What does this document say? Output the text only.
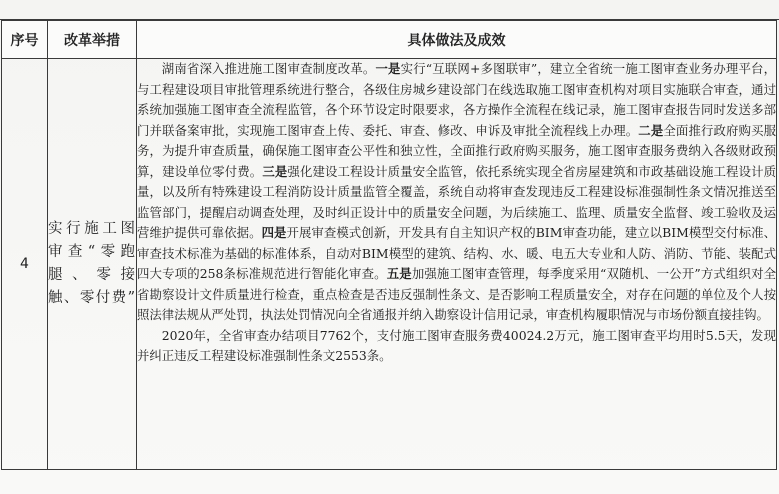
序号	改革举措	具体做法及成效
4	实行施工图审查“零跑腿、零接触、零付费”	湖南省深入推进施工图审查制度改革。一是实行“互联网+多图联审”，建立全省统一施工图审查业务办理平台，与工程建设项目审批管理系统进行整合，各级住房城乡建设部门在线选取施工图审查机构对项目实施联合审查，通过系统加强施工图审查全流程监管，各个环节设定时限要求，各方操作全流程在线记录，施工图审查报告同时发送多部门并联备案审批，实现施工图审查上传、委托、审查、修改、申诉及审批全流程线上办理。二是全面推行政府购买服务，为提升审查质量，确保施工图审查公平性和独立性，全面推行政府购买服务，施工图审查服务费纳入各级财政预算，建设单位零付费。三是强化建设工程设计质量安全监管，依托系统实现全省房屋建筑和市政基础设施工程设计质量，以及所有特殊建设工程消防设计质量监管全覆盖，系统自动将审查发现违反工程建设标准强制性条文情况推送至监管部门，提醒启动调查处理，及时纠正设计中的质量安全问题，为后续施工、监理、质量安全监督、竣工验收及运营维护提供可靠依据。四是开展审查模式创新，开发具有自主知识产权的BIM审查功能，建立以BIM模型交付标准、审查技术标准为基础的标准体系，自动对BIM模型的建筑、结构、水、暖、电五大专业和人防、消防、节能、装配式四大专项的258条标准规范进行智能化审查。五是加强施工图审查管理，每季度采用“双随机、一公开”方式组织对全省勘察设计文件质量进行检查，重点检查是否违反强制性条文、是否影响工程质量安全，对存在问题的单位及个人按照法律法规从严处罚，执法处罚情况向全省通报并纳入勘察设计信用记录，审查机构履职情况与市场份额直接挂钩。

2020年，全省审查办结项目7762个，支付施工图审查服务费40024.2万元，施工图审查平均用时5.5天，发现并纠正违反工程建设标准强制性条文2553条。
